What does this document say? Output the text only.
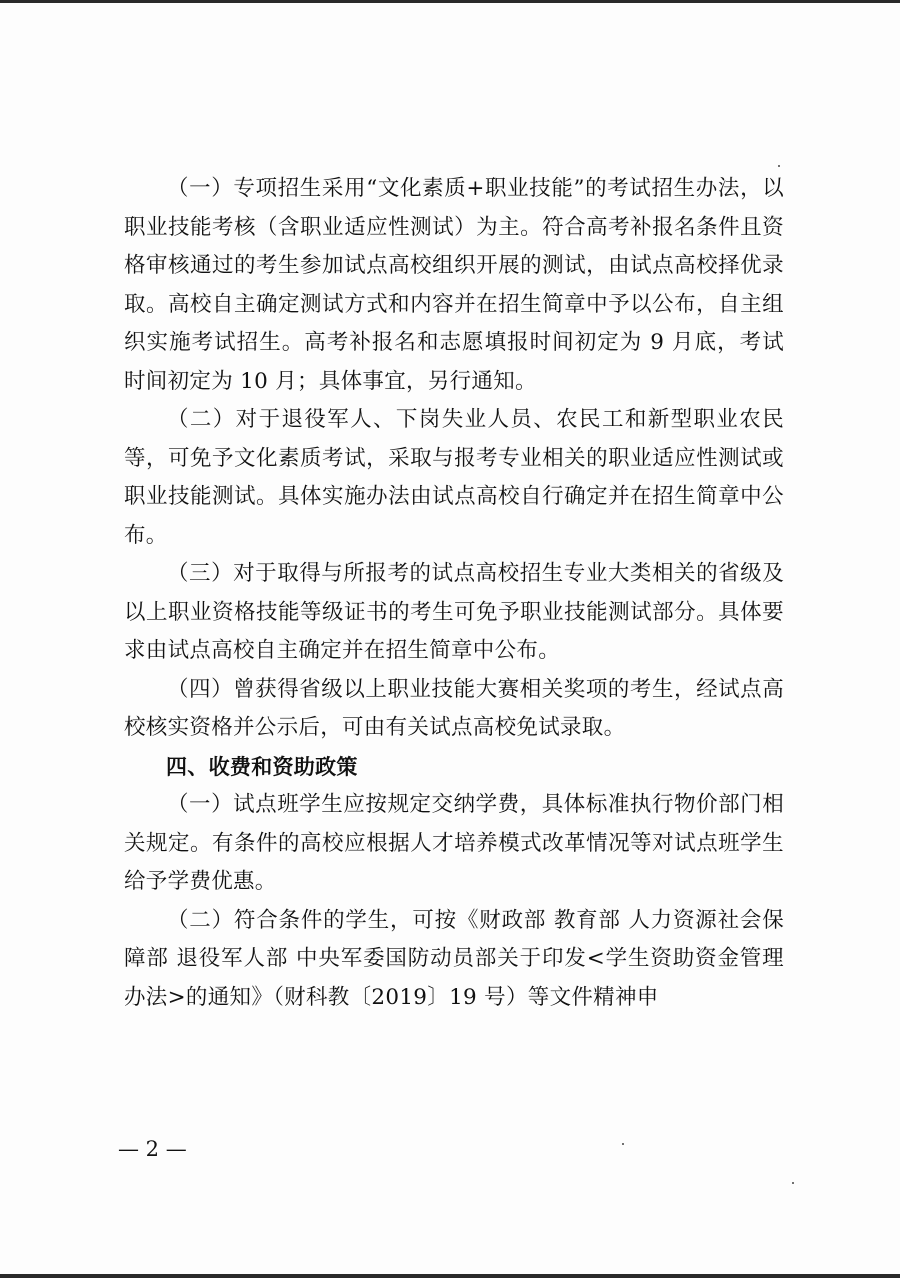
（一）专项招生采用“文化素质+职业技能”的考试招生办法，以职业技能考核（含职业适应性测试）为主。符合高考补报名条件且资格审核通过的考生参加试点高校组织开展的测试，由试点高校择优录取。高校自主确定测试方式和内容并在招生简章中予以公布，自主组织实施考试招生。高考补报名和志愿填报时间初定为 9 月底，考试时间初定为 10 月；具体事宜，另行通知。

（二）对于退役军人、下岗失业人员、农民工和新型职业农民等，可免予文化素质考试，采取与报考专业相关的职业适应性测试或职业技能测试。具体实施办法由试点高校自行确定并在招生简章中公布。

（三）对于取得与所报考的试点高校招生专业大类相关的省级及以上职业资格技能等级证书的考生可免予职业技能测试部分。具体要求由试点高校自主确定并在招生简章中公布。

（四）曾获得省级以上职业技能大赛相关奖项的考生，经试点高校核实资格并公示后，可由有关试点高校免试录取。

四、收费和资助政策

（一）试点班学生应按规定交纳学费，具体标准执行物价部门相关规定。有条件的高校应根据人才培养模式改革情况等对试点班学生给予学费优惠。

（二）符合条件的学生，可按《财政部 教育部 人力资源社会保障部 退役军人部 中央军委国防动员部关于印发<学生资助资金管理办法>的通知》（财科教〔2019〕19 号）等文件精神申

— 2 —
